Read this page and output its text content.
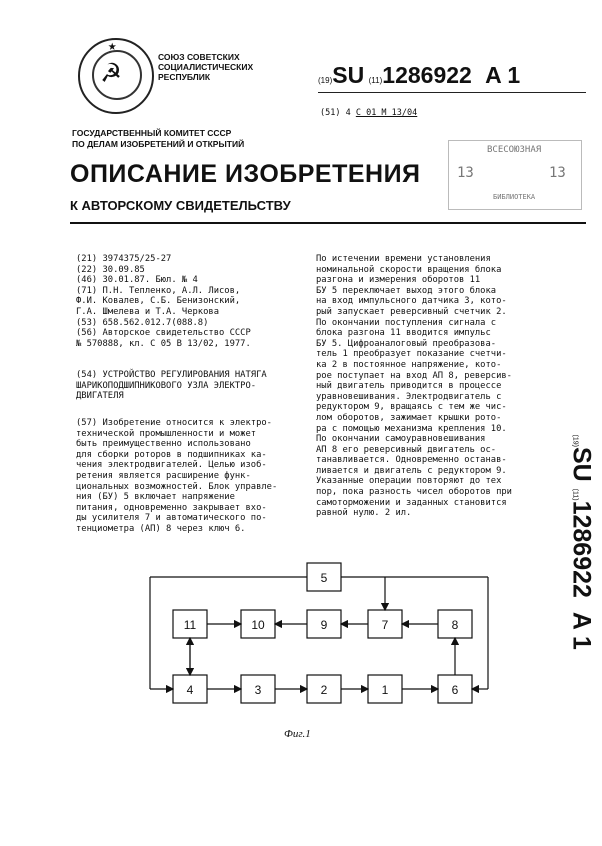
★
☭	СОЮЗ СОВЕТСКИХ
СОЦИАЛИСТИЧЕСКИХ
РЕСПУБЛИК	(19)SU (11)1286922 A 1
(51) 4 С 01 М 13/04
ГОСУДАРСТВЕННЫЙ КОМИТЕТ СССР
ПО ДЕЛАМ ИЗОБРЕТЕНИЙ И ОТКРЫТИЙ
ВСЕСОЮЗНАЯ
13	13
БИБЛИОТЕКА
ОПИСАНИЕ ИЗОБРЕТЕНИЯ
К АВТОРСКОМУ СВИДЕТЕЛЬСТВУ
(21) 3974375/25-27
(22) 30.09.85
(46) 30.01.87. Бюл. № 4
(71) П.Н. Тепленко, А.Л. Лисов,
Ф.И. Ковалев, С.Б. Бенизонский,
Г.А. Шмелева и Т.А. Черкова
(53) 658.562.012.7(088.8)
(56) Авторское свидетельство СССР
№ 570888, кл. С 05 В 13/02, 1977.
(54) УСТРОЙСТВО РЕГУЛИРОВАНИЯ НАТЯГА
ШАРИКОПОДШИПНИКОВОГО УЗЛА ЭЛЕКТРО-
ДВИГАТЕЛЯ
(57) Изобретение относится к электро-
технической промышленности и может
быть преимущественно использовано
для сборки роторов в подшипниках ка-
чения электродвигателей. Целью изоб-
ретения является расширение функ-
циональных возможностей. Блок управле-
ния (БУ) 5 включает напряжение
питания, одновременно закрывает вхо-
ды усилителя 7 и автоматического по-
тенциометра (АП) 8 через ключ 6.
По истечении времени установления
номинальной скорости вращения блока
разгона и измерения оборотов 11
БУ 5 переключает выход этого блока
на вход импульсного датчика 3, кото-
рый запускает реверсивный счетчик 2.
По окончании поступления сигнала с
блока разгона 11 вводится импульс
БУ 5. Цифроаналоговый преобразова-
тель 1 преобразует показание счетчи-
ка 2 в постоянное напряжение, кото-
рое поступает на вход АП 8, реверсив-
ный двигатель приводится в процессе
уравновешивания. Электродвигатель с
редуктором 9, вращаясь с тем же чис-
лом оборотов, зажимает крышки рото-
ра с помощью механизма крепления 10.
По окончании самоуравновешивания
АП 8 его реверсивный двигатель ос-
танавливается. Одновременно останав-
ливается и двигатель с редуктором 9.
Указанные операции повторяют до тех
пор, пока разность чисел оборотов при
самоторможении и заданных становится
равной нулю. 2 ил.
(19)SU (11)1286922  A 1
5
11	10	9	7	8
4	3	2	1	6
Фиг.1
